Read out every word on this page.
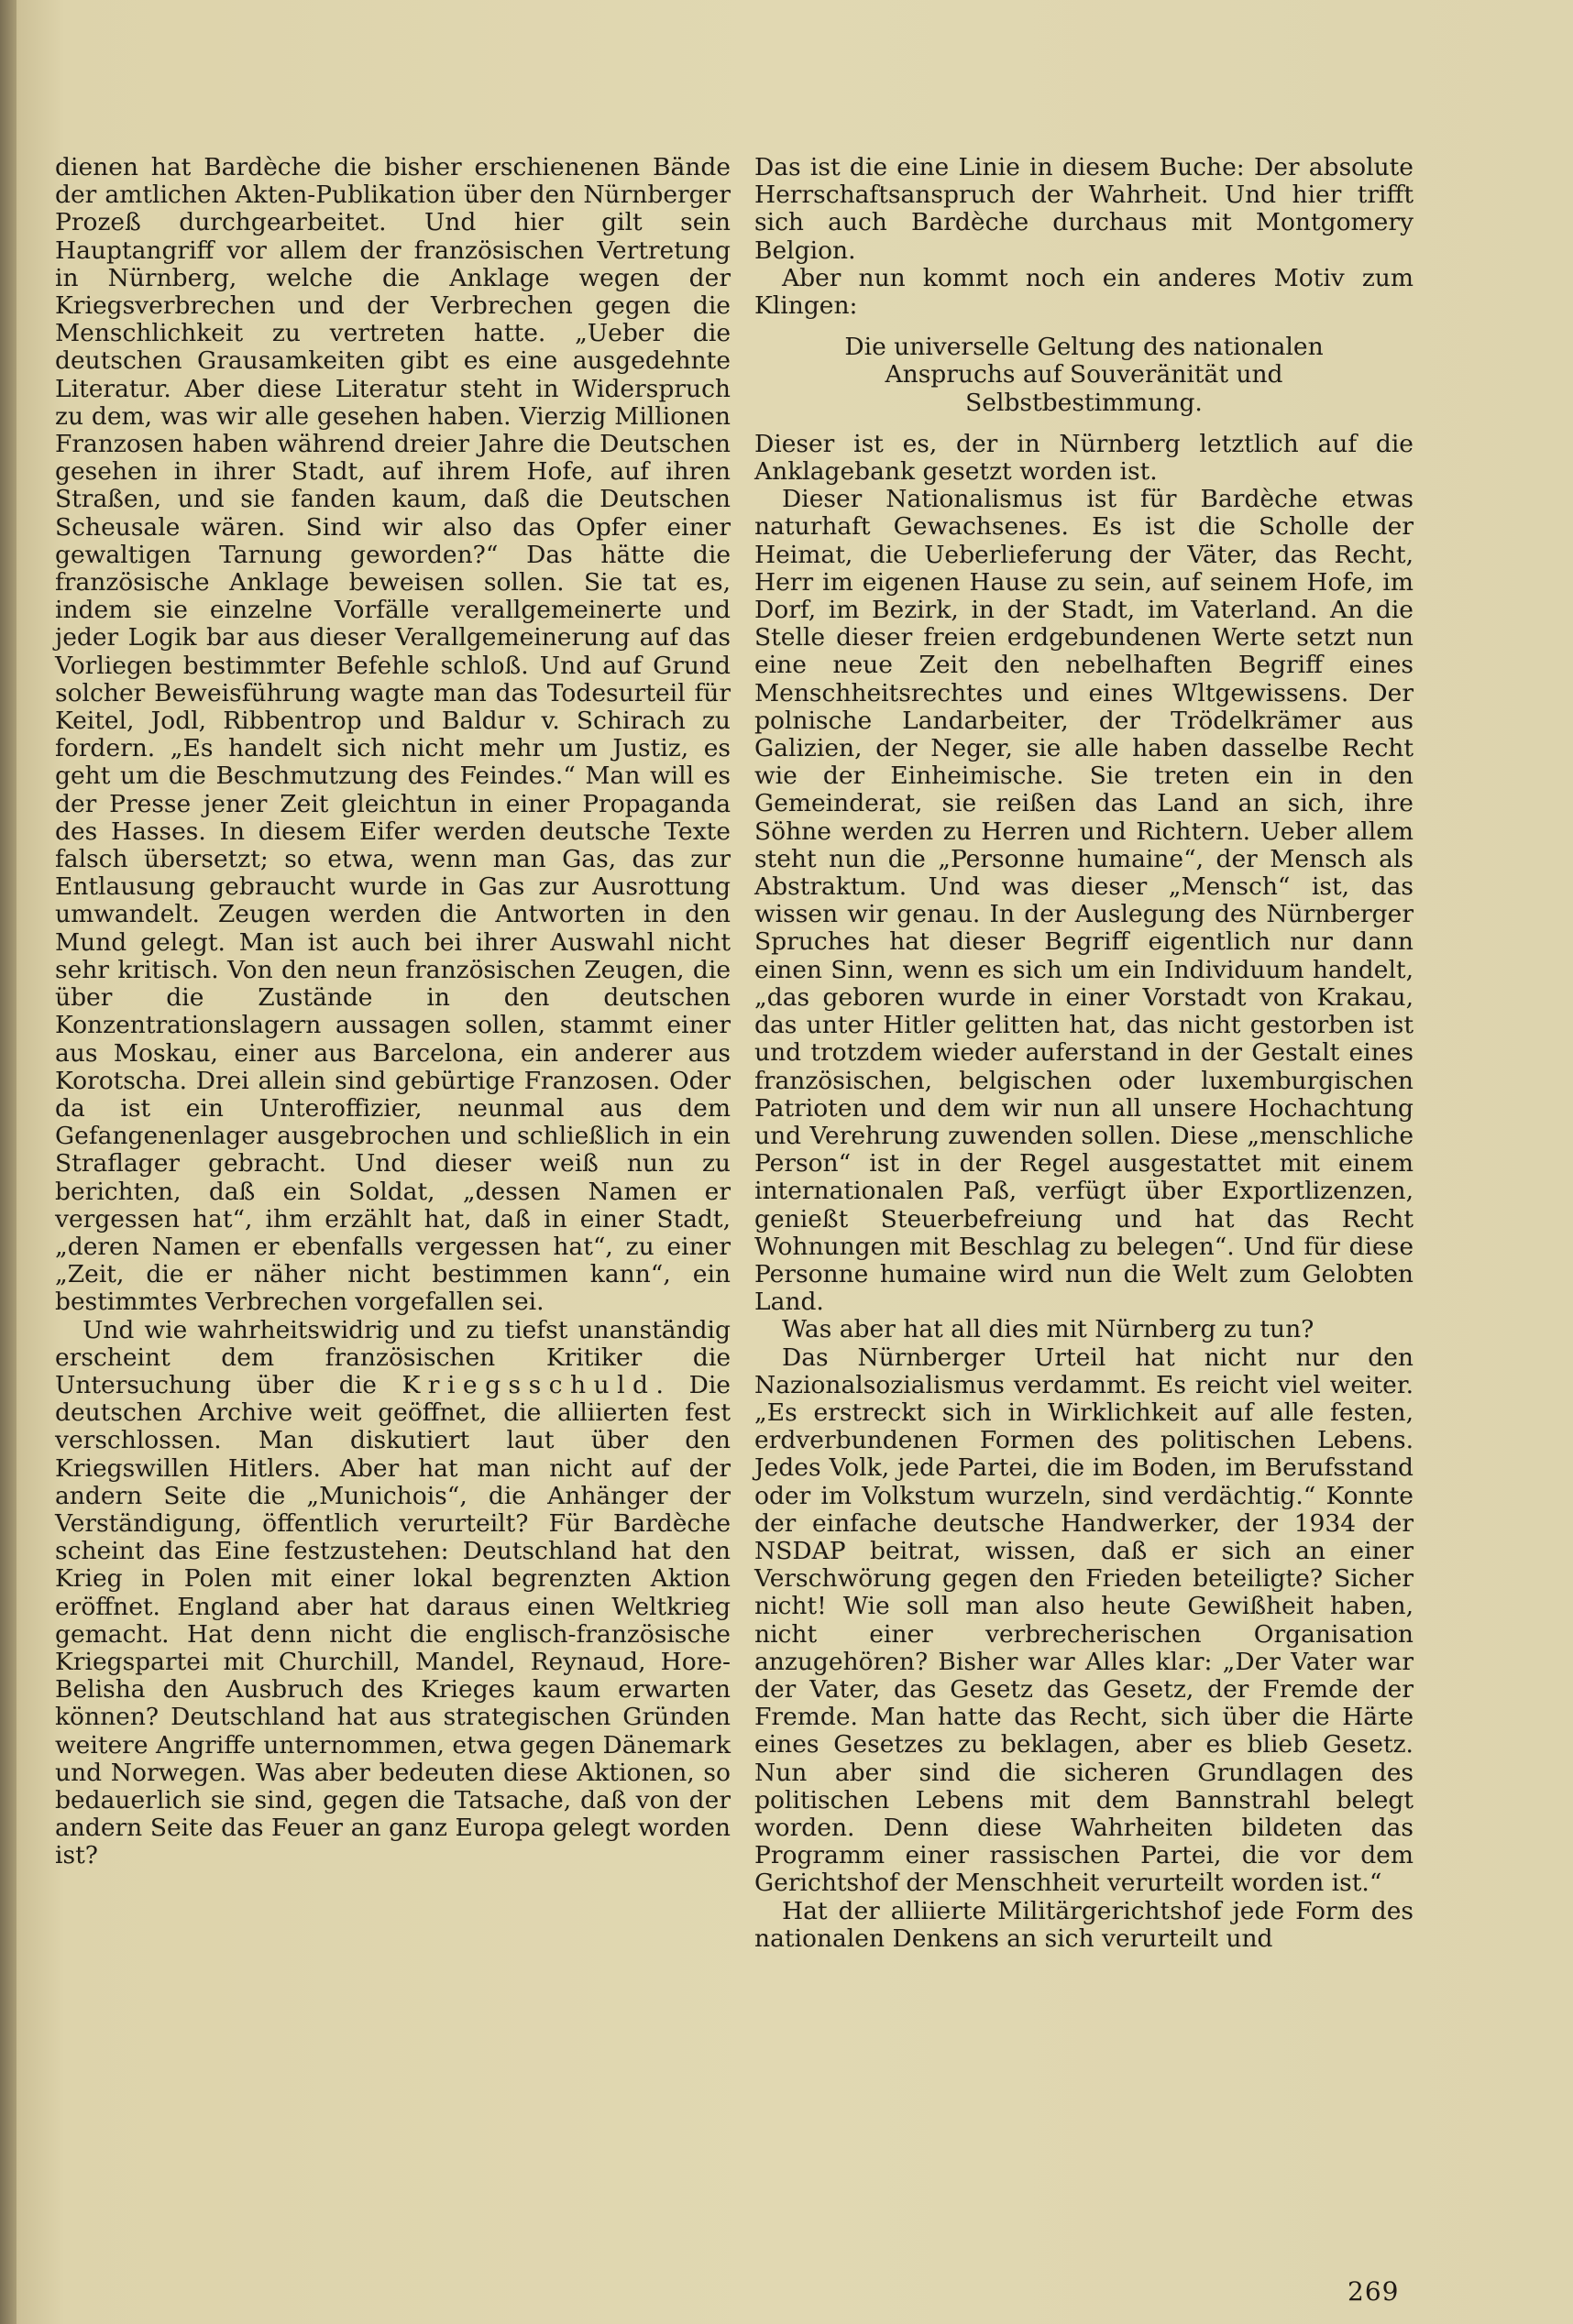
dienen hat Bardèche die bisher erschienenen Bände der amtlichen Akten-Publikation über den Nürnberger Prozeß durchgearbeitet. Und hier gilt sein Hauptangriff vor allem der französischen Vertretung in Nürnberg, welche die Anklage wegen der Kriegsverbrechen und der Verbrechen gegen die Menschlichkeit zu vertreten hatte. „Ueber die deutschen Grausamkeiten gibt es eine ausgedehnte Literatur. Aber diese Literatur steht in Widerspruch zu dem, was wir alle gesehen haben. Vierzig Millionen Franzosen haben während dreier Jahre die Deutschen gesehen in ihrer Stadt, auf ihrem Hofe, auf ihren Straßen, und sie fanden kaum, daß die Deutschen Scheusale wären. Sind wir also das Opfer einer gewaltigen Tarnung geworden?“ Das hätte die französische Anklage beweisen sollen. Sie tat es, indem sie einzelne Vorfälle verallgemeinerte und jeder Logik bar aus dieser Verallgemeinerung auf das Vorliegen bestimmter Befehle schloß. Und auf Grund solcher Beweisführung wagte man das Todesurteil für Keitel, Jodl, Ribbentrop und Baldur v. Schirach zu fordern. „Es handelt sich nicht mehr um Justiz, es geht um die Beschmutzung des Feindes.“ Man will es der Presse jener Zeit gleichtun in einer Propaganda des Hasses. In diesem Eifer werden deutsche Texte falsch übersetzt; so etwa, wenn man Gas, das zur Entlausung gebraucht wurde in Gas zur Ausrottung umwandelt. Zeugen werden die Antworten in den Mund gelegt. Man ist auch bei ihrer Auswahl nicht sehr kritisch. Von den neun französischen Zeugen, die über die Zustände in den deutschen Konzentrationslagern aussagen sollen, stammt einer aus Moskau, einer aus Barcelona, ein anderer aus Korotscha. Drei allein sind gebürtige Franzosen. Oder da ist ein Unteroffizier, neunmal aus dem Gefangenenlager ausgebrochen und schließlich in ein Straflager gebracht. Und dieser weiß nun zu berichten, daß ein Soldat, „dessen Namen er vergessen hat“, ihm erzählt hat, daß in einer Stadt, „deren Namen er ebenfalls vergessen hat“, zu einer „Zeit, die er näher nicht bestimmen kann“, ein bestimmtes Verbrechen vorgefallen sei.

Und wie wahrheitswidrig und zu tiefst unanständig erscheint dem französischen Kritiker die Untersuchung über die Kriegsschuld. Die deutschen Archive weit geöffnet, die alliierten fest verschlossen. Man diskutiert laut über den Kriegswillen Hitlers. Aber hat man nicht auf der andern Seite die „Munichois“, die Anhänger der Verständigung, öffentlich verurteilt? Für Bardèche scheint das Eine festzustehen: Deutschland hat den Krieg in Polen mit einer lokal begrenzten Aktion eröffnet. England aber hat daraus einen Weltkrieg gemacht. Hat denn nicht die englisch-französische Kriegspartei mit Churchill, Mandel, Reynaud, Hore-Belisha den Ausbruch des Krieges kaum erwarten können? Deutschland hat aus strategischen Gründen weitere Angriffe unternommen, etwa gegen Dänemark und Norwegen. Was aber bedeuten diese Aktionen, so bedauerlich sie sind, gegen die Tatsache, daß von der andern Seite das Feuer an ganz Europa gelegt worden ist?

Das ist die eine Linie in diesem Buche: Der absolute Herrschaftsanspruch der Wahrheit. Und hier trifft sich auch Bardèche durchaus mit Montgomery Belgion.

Aber nun kommt noch ein anderes Motiv zum Klingen:

Die universelle Geltung des nationalen Anspruchs auf Souveränität und Selbstbestimmung.

Dieser ist es, der in Nürnberg letztlich auf die Anklagebank gesetzt worden ist.

Dieser Nationalismus ist für Bardèche etwas naturhaft Gewachsenes. Es ist die Scholle der Heimat, die Ueberlieferung der Väter, das Recht, Herr im eigenen Hause zu sein, auf seinem Hofe, im Dorf, im Bezirk, in der Stadt, im Vaterland. An die Stelle dieser freien erdgebundenen Werte setzt nun eine neue Zeit den nebelhaften Begriff eines Menschheitsrechtes und eines Wltgewissens. Der polnische Landarbeiter, der Trödelkrämer aus Galizien, der Neger, sie alle haben dasselbe Recht wie der Einheimische. Sie treten ein in den Gemeinderat, sie reißen das Land an sich, ihre Söhne werden zu Herren und Richtern. Ueber allem steht nun die „Personne humaine“, der Mensch als Abstraktum. Und was dieser „Mensch“ ist, das wissen wir genau. In der Auslegung des Nürnberger Spruches hat dieser Begriff eigentlich nur dann einen Sinn, wenn es sich um ein Individuum handelt, „das geboren wurde in einer Vorstadt von Krakau, das unter Hitler gelitten hat, das nicht gestorben ist und trotzdem wieder auferstand in der Gestalt eines französischen, belgischen oder luxemburgischen Patrioten und dem wir nun all unsere Hochachtung und Verehrung zuwenden sollen. Diese „menschliche Person“ ist in der Regel ausgestattet mit einem internationalen Paß, verfügt über Exportlizenzen, genießt Steuerbefreiung und hat das Recht Wohnungen mit Beschlag zu belegen“. Und für diese Personne humaine wird nun die Welt zum Gelobten Land.

Was aber hat all dies mit Nürnberg zu tun?

Das Nürnberger Urteil hat nicht nur den Nazionalsozialismus verdammt. Es reicht viel weiter. „Es erstreckt sich in Wirklichkeit auf alle festen, erdverbundenen Formen des politischen Lebens. Jedes Volk, jede Partei, die im Boden, im Berufsstand oder im Volkstum wurzeln, sind verdächtig.“ Konnte der einfache deutsche Handwerker, der 1934 der NSDAP beitrat, wissen, daß er sich an einer Verschwörung gegen den Frieden beteiligte? Sicher nicht! Wie soll man also heute Gewißheit haben, nicht einer verbrecherischen Organisation anzugehören? Bisher war Alles klar: „Der Vater war der Vater, das Gesetz das Gesetz, der Fremde der Fremde. Man hatte das Recht, sich über die Härte eines Gesetzes zu beklagen, aber es blieb Gesetz. Nun aber sind die sicheren Grundlagen des politischen Lebens mit dem Bannstrahl belegt worden. Denn diese Wahrheiten bildeten das Programm einer rassischen Partei, die vor dem Gerichtshof der Menschheit verurteilt worden ist.“

Hat der alliierte Militärgerichtshof jede Form des nationalen Denkens an sich verurteilt und

269
